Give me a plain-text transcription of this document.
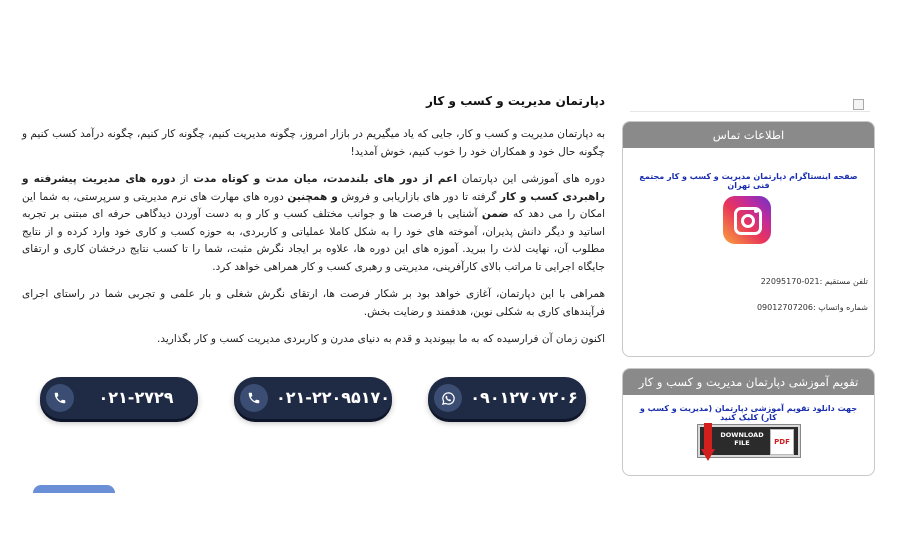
دپارتمان مدیریت و کسب و کار

به دپارتمان مدیریت و کسب و کار، جایی که یاد میگیریم در بازار امروز، چگونه مدیریت کنیم، چگونه کار کنیم، چگونه درآمد کسب کنیم و چگونه حال خود و همکاران خود را خوب کنیم، خوش آمدید!

دوره های آموزشی این دپارتمان اعم از دور های بلندمدت، میان مدت و کوتاه مدت از دوره های مدیریت پیشرفته و راهبردی کسب و کار گرفته تا دور های بازاریابی و فروش و همچنین دوره های مهارت های نرم مدیریتی و سرپرستی، به شما این امکان را می دهد که ضمن آشنایی با فرصت ها و جوانب مختلف کسب و کار و به دست آوردن دیدگاهی حرفه ای مبتنی بر تجربه اساتید و دیگر دانش پذیران، آموخته های خود را به شکل کاملا عملیاتی و کاربردی، به حوزه کسب و کاری خود وارد کرده و از نتایج مطلوب آن، نهایت لذت را ببرید. آموزه های این دوره ها، علاوه بر ایجاد نگرش مثبت، شما را تا کسب نتایج درخشان کاری و ارتقای جایگاه اجرایی تا مراتب بالای کارآفرینی، مدیریتی و رهبری کسب و کار همراهی خواهد کرد.

همراهی با این دپارتمان، آغازی خواهد بود بر شکار فرصت ها، ارتقای نگرش شغلی و بار علمی و تجربی شما در راستای اجرای فرآیندهای کاری به شکلی نوین، هدفمند و رضایت بخش.

اکنون زمان آن فرارسیده که به ما بپیوندید و قدم به دنیای مدرن و کاربردی مدیریت کسب و کار بگذارید.

۰۲۱-۲۷۲۹	۰۲۱-۲۲۰۹۵۱۷۰	۰۹۰۱۲۷۰۷۲۰۶
اطلاعات تماس
صفحه اینستاگرام دپارتمان مدیریت و کسب و کار مجتمع فنی تهران
تلفن مستقیم :021-22095170
شماره واتساپ :09012707206
تقویم آموزشی دپارتمان مدیریت و کسب و کار
جهت دانلود تقویم آموزشی دپارتمان (مدیریت و کسب و کار) کلیک کنید
DOWNLOAD
FILE	PDF
